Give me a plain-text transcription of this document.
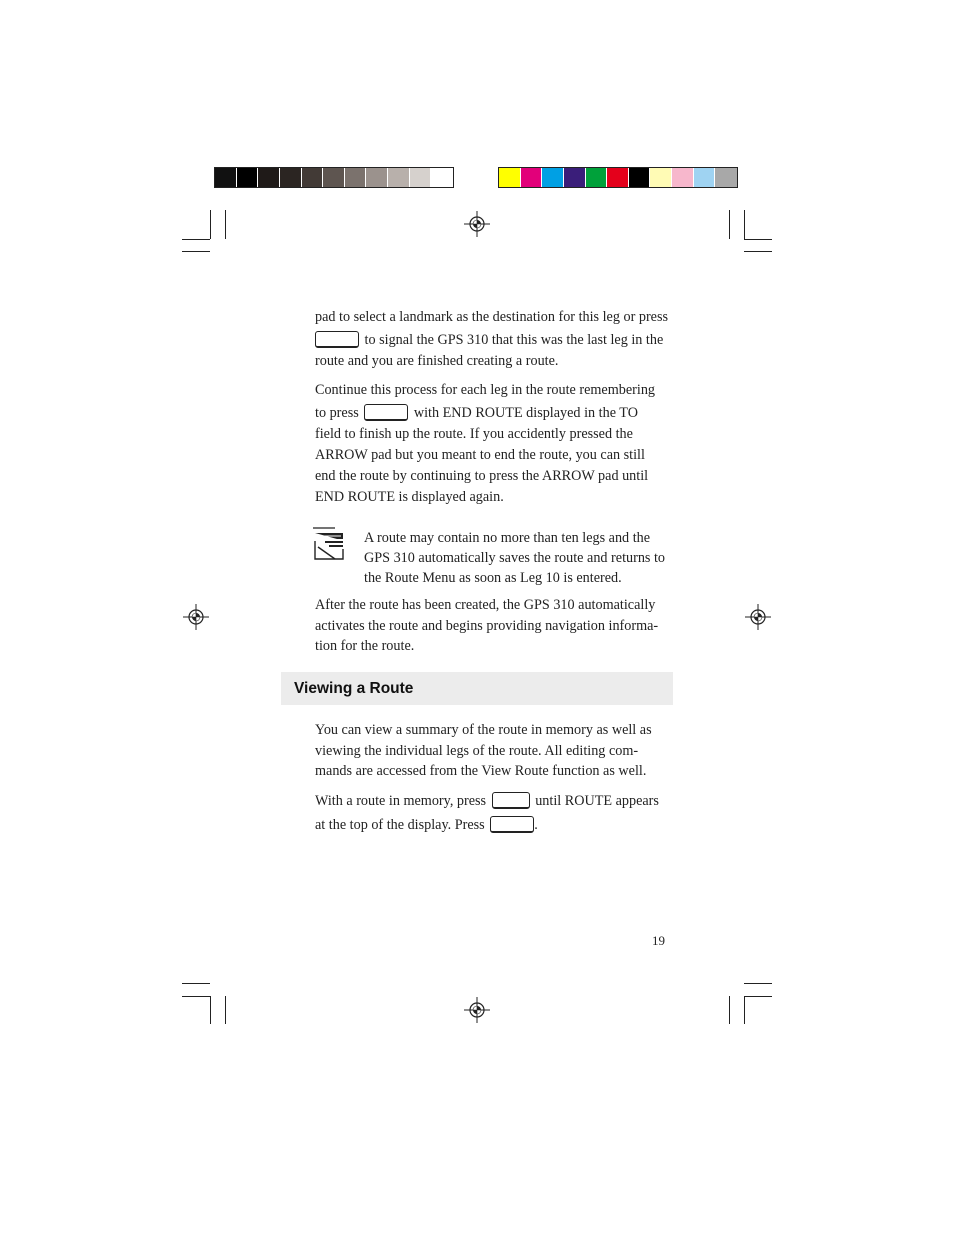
pad to select a landmark as the destination for this leg or press
to signal the GPS 310 that this was the last leg in the
route and you are finished creating a route.
Continue this process for each leg in the route remembering
to press	with END ROUTE displayed in the TO
field to finish up the route. If you accidently pressed the
ARROW pad but you meant to end the route, you can still
end the route by continuing to press the ARROW pad until
END ROUTE is displayed again.
A route may contain no more than ten legs and the
GPS 310 automatically saves the route and returns to
the Route Menu as soon as Leg 10 is entered.
After the route has been created, the GPS 310 automatically
activates the route and begins providing navigation informa-
tion for the route.
Viewing a Route
You can view a summary of the route in memory as well as
viewing the individual legs of the route. All editing com-
mands are accessed from the View Route function as well.
With a route in memory, press	until ROUTE appears
at the top of the display. Press	.
19
